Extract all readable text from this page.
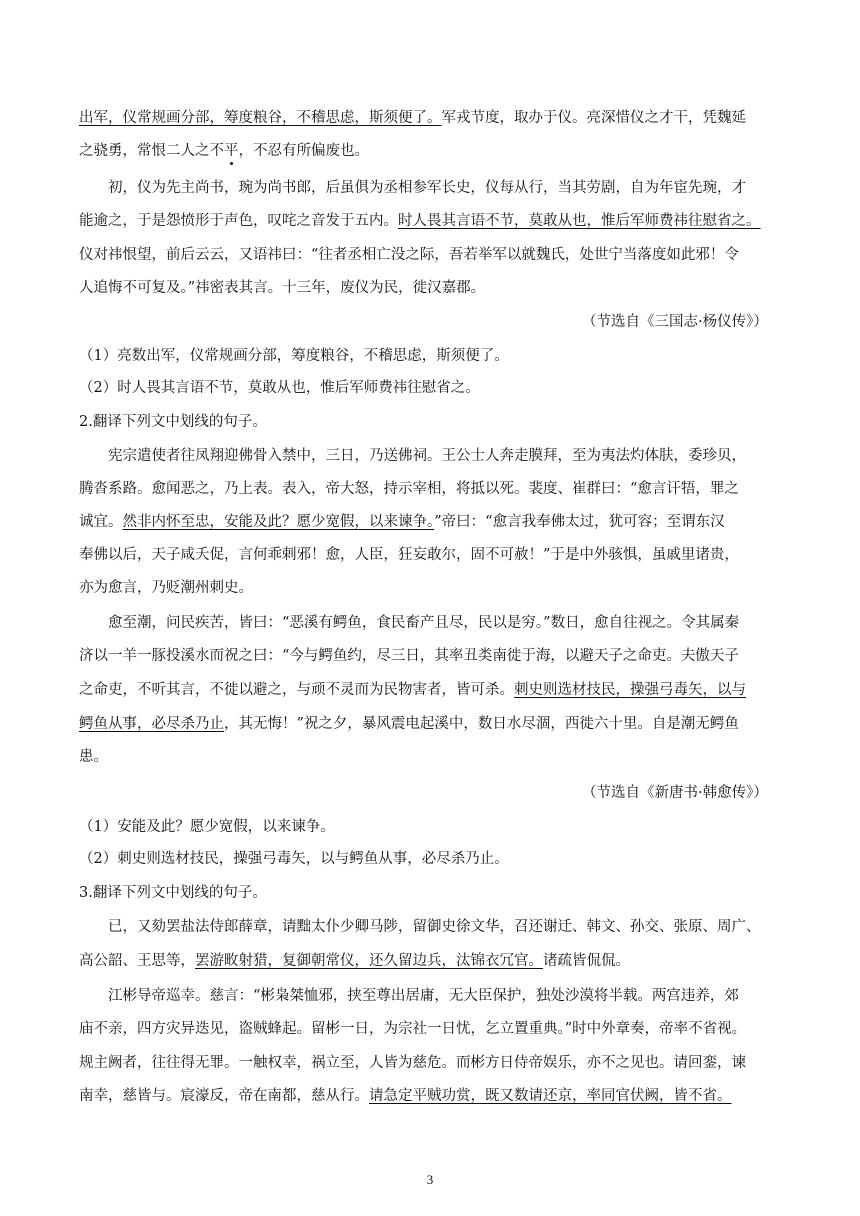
出军，仪常规画分部，筹度粮谷，不稽思虑，斯须便了。军戎节度，取办于仪。亮深惜仪之才干，凭魏延
之骁勇，常恨二人之不平，不忍有所偏废也。
初，仪为先主尚书，琬为尚书郎，后虽俱为丞相参军长史，仪每从行，当其劳剧，自为年宦先琬，才
能逾之，于是怨愤形于声色，叹咤之音发于五内。时人畏其言语不节，莫敢从也，惟后军师费祎往慰省之。
仪对祎恨望，前后云云，又语祎曰：“往者丞相亡没之际，吾若举军以就魏氏，处世宁当落度如此邪！令
人追悔不可复及。”祎密表其言。十三年，废仪为民，徙汉嘉郡。
（节选自《三国志·杨仪传》）
（1）亮数出军，仪常规画分部，筹度粮谷，不稽思虑，斯须便了。
（2）时人畏其言语不节，莫敢从也，惟后军师费祎往慰省之。
2.翻译下列文中划线的句子。
宪宗遣使者往凤翔迎佛骨入禁中，三日，乃送佛祠。王公士人奔走膜拜，至为夷法灼体肤，委珍贝，
腾沓系路。愈闻恶之，乃上表。表入，帝大怒，持示宰相，将抵以死。裴度、崔群曰：“愈言讦牾，罪之
诚宜。然非内怀至忠，安能及此？愿少宽假，以来谏争。”帝曰：“愈言我奉佛太过，犹可容；至谓东汉
奉佛以后，天子咸夭促，言何乖剌邪！愈，人臣，狂妄敢尔，固不可赦！”于是中外骇惧，虽戚里诸贵，
亦为愈言，乃贬潮州刺史。
愈至潮，问民疾苦，皆曰：“恶溪有鳄鱼，食民畜产且尽，民以是穷。”数日，愈自往视之。令其属秦
济以一羊一豚投溪水而祝之曰：“今与鳄鱼约，尽三日，其率丑类南徙于海，以避天子之命吏。夫傲天子
之命吏，不听其言，不徙以避之，与顽不灵而为民物害者，皆可杀。刺史则选材技民，操强弓毒矢，以与
鳄鱼从事，必尽杀乃止，其无悔！”祝之夕，暴风震电起溪中，数日水尽涸，西徙六十里。自是潮无鳄鱼
患。
（节选自《新唐书·韩愈传》）
（1）安能及此？愿少宽假，以来谏争。
（2）刺史则选材技民，操强弓毒矢，以与鳄鱼从事，必尽杀乃止。
3.翻译下列文中划线的句子。
已，又劾罢盐法侍郎薛章，请黜太仆少卿马陟，留御史徐文华，召还谢迁、韩文、孙交、张原、周广、
高公韶、王思等，罢游畋射猎，复御朝常仪，还久留边兵，汰锦衣冗官。诸疏皆侃侃。
江彬导帝巡幸。慈言：“彬枭桀恤邪，挟至尊出居庸，无大臣保护，独处沙漠将半载。两宫违养，郊
庙不亲，四方灾异迭见，盗贼蜂起。留彬一日，为宗社一日忧，乞立置重典。”时中外章奏，帝率不省视。
规主阙者，往往得无罪。一触权幸，祸立至，人皆为慈危。而彬方日侍帝娱乐，亦不之见也。请回銮，谏
南幸，慈皆与。宸濠反，帝在南都，慈从行。请急定平贼功赏，既又数请还京，率同官伏阙，皆不省。
3
